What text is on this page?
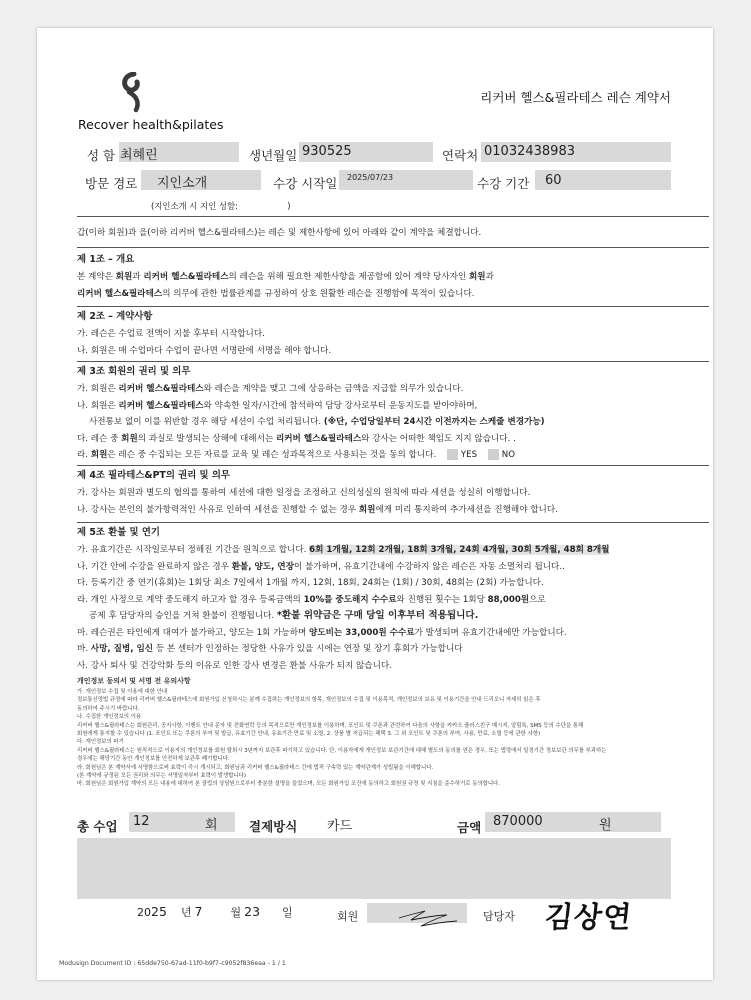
Recover health&pilates
리커버 헬스&필라테스 레슨 계약서
성 함 최혜린	생년월일 930525	연락처 01032438983
방문 경로 지인소개	수강 시작일 2025/07/23	수강 기간 60
(지인소개 시 지인 성함:	)
갑(이하 회원)과 을(이하 리커버 헬스&필라테스)는 레슨 및 제한사항에 있어 아래와 같이 계약을 체결합니다.
제 1조 – 개요
본 계약은 회원과 리커버 헬스&필라테스의 레슨을 위해 필요한 제한사항을 제공함에 있어 계약 당사자인 회원과
리커버 헬스&필라테스의 의무에 관한 법률관계를 규정하여 상호 원활한 레슨을 진행함에 목적이 있습니다.
제 2조 – 계약사항
가. 레슨은 수업료 전액이 지불 후부터 시작합니다.
나. 회원은 매 수업마다 수업이 끝나면 서명란에 서명을 해야 합니다.
제 3조 회원의 권리 및 의무
가. 회원은 리커버 헬스&필라테스와 레슨을 계약을 맺고 그에 상응하는 금액을 지급할 의무가 있습니다.
나. 회원은 리커버 헬스&필라테스와 약속한 일자/시간에 참석하여 담당 강사로부터 운동지도를 받아야하며,
사전통보 없이 이를 위반할 경우 해당 세션이 수업 처리됩니다. (※단, 수업당일부터 24시간 이전까지는 스케줄 변경가능)
다. 레슨 중 회원의 과실로 발생되는 상해에 대해서는 리커버 헬스&필라테스와 강사는 어떠한 책임도 지지 않습니다. .
라. 회원은 레슨 중 수집되는 모든 자료를 교육 및 레슨 성과목적으로 사용되는 것을 동의 합니다.	YES	NO
제 4조 필라테스&PT의 권리 및 의무
가. 강사는 회원과 별도의 협의를 통하여 세션에 대한 일정을 조정하고 신의성실의 원칙에 따라 세션을 성실히 이행합니다.
나. 강사는 본인의 불가항력적인 사유로 인하여 세션을 진행할 수 없는 경우 회원에게 미리 통지하여 추가세션을 진행해야 합니다.
제 5조 환불 및 연기
가. 유효기간은 시작일로부터 정해진 기간을 원칙으로 합니다. 6회 1개월, 12회 2개월, 18회 3개월, 24회 4개월, 30회 5개월, 48회 8개월
나. 기간 안에 수강을 완료하지 않은 경우 환불, 양도, 연장이 불가하며, 유효기간내에 수강하지 않은 레슨은 자동 소멸처리 됩니다..
다. 등록기간 중 연기(휴회)는 1회당 최소 7일에서 1개월 까지, 12회, 18회, 24회는 (1회) / 30회, 48회는 (2회) 가능합니다.
라. 개인 사정으로 계약 중도해지 하고자 할 경우 등록금액의 10%를 중도해지 수수료와 진행된 횟수는 1회당 88,000원으로
공제 후 담당자의 승인을 거쳐 환불이 진행됩니다. *환불 위약금은 구매 당일 이후부터 적용됩니다.
마. 레슨권은 타인에게 대여가 불가하고, 양도는 1회 가능하며 양도비는 33,000원 수수료가 발생되며 유효기간내에만 가능합니다.
바. 사망, 질병, 임신 등 본 센터가 인정하는 정당한 사유가 있을 시에는 연장 및 장기 휴회가 가능합니다
사. 강사 퇴사 및 건강악화 등의 이유로 인한 강사 변경은 환불 사유가 되지 않습니다.
개인정보 동의서 및 서명 전 유의사항
가. 개인정보 수집 및 이용에 대한 안내
정보통신망법 규정에 따라 리커버 헬스&필라테스에 회원가입 신청하시는 분께 수집하는 개인정보의 항목, 개인정보의 수집 및 이용목적, 개인정보의 보유 및 이용기간을 안내 드리오니 자세히 읽은 후
동의하여 주시기 바랍니다.
나. 수집한 개인정보의 이용
리커버 헬스&필라테스는 회원관리, 공지사항, 이벤트 안내 문자 및 전화연락 등의 목적으로만 개인정보를 이용하며, 포인트 및 쿠폰과 관련하여 다음의 사항을 카카오 플러스친구 메시지, 알림톡, SMS 등의 수단을 통해
회원에게 통지할 수 있습니다 (1. 포인트 또는 쿠폰의 부여 및 발급, 유효기간 안내, 유효기간 만료 및 소멸, 2. 상품 별 지급되는 혜택 3. 그 외 포인트 및 쿠폰의 부여, 사용, 만료, 소멸 등에 관한 사항)
다. 개인정보의 파기
리커버 헬스&필라테스는 원칙적으로 이용자의 개인정보를 회원 탈퇴시 3년까지 보관후 파기하고 있습니다. 단, 이용자에게 개인정보 보관기간에 대해 별도의 동의를 얻은 경우, 또는 법령에서 일정기간 정보보관 의무를 부과하는
경우에는 해당기간 동안 개인정보를 안전하게 보관후 폐기합니다.
라. 회원님은 본 계약서에 서명함으로써 효력이 즉시 개시되고, 회원님과 리커버 헬스&필라테스 간에 법적 구속력 있는 계약관계가 성립됨을 이해합니다.
(본 계약에 규정된 모든 권리와 의무는 서명일자부터 효력이 발생합니다)
마. 회원님은 회원가입 계약의 모든 내용에 대하여 본 클럽의 상담원으로부터 충분한 설명을 들었으며, 모든 회원가입 조건에 동의하고 회원권 규정 및 지침을 준수하기로 동의합니다.
총 수업 12	회	결제방식 카드	금액 870000	원
2025 년 7	월 23 일	회원	담당자 김상연
Modusign Document ID : 65dde750-67ad-11f0-b9f7-c9052f836eaa - 1 / 1
